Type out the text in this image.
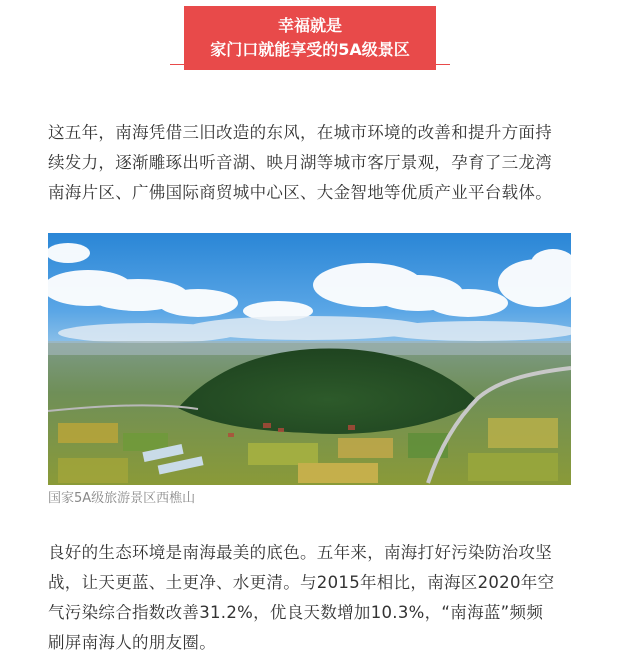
幸福就是
家门口就能享受的5A级景区
这五年，南海凭借三旧改造的东风，在城市环境的改善和提升方面持
续发力，逐渐雕琢出听音湖、映月湖等城市客厅景观，孕育了三龙湾
南海片区、广佛国际商贸城中心区、大金智地等优质产业平台载体。
国家5A级旅游景区西樵山
良好的生态环境是南海最美的底色。五年来，南海打好污染防治攻坚
战，让天更蓝、土更净、水更清。与2015年相比，南海区2020年空
气污染综合指数改善31.2%，优良天数增加10.3%，“南海蓝”频频
刷屏南海人的朋友圈。
